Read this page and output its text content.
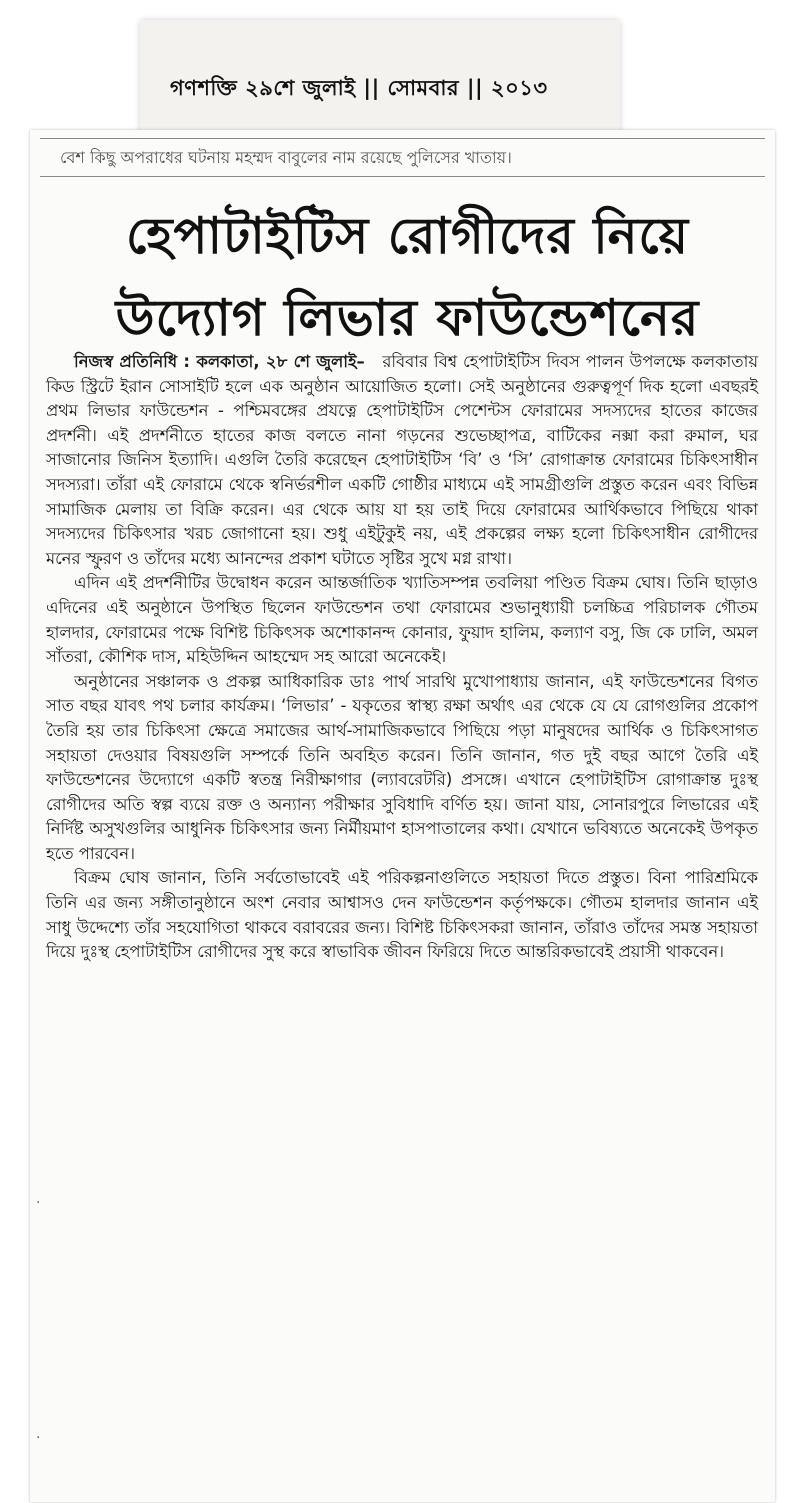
গণশক্তি ২৯শে জুলাই || সোমবার || ২০১৩
বেশ কিছু অপরাধের ঘটনায় মহম্মদ বাবুলের নাম রয়েছে পুলিসের খাতায়।
হেপাটাইটিস রোগীদের নিয়ে উদ্যোগ লিভার ফাউন্ডেশনের

নিজস্ব প্রতিনিধি : কলকাতা, ২৮ শে জুলাই– রবিবার বিশ্ব হেপাটাইটিস দিবস পালন উপলক্ষে কলকাতায় কিড স্ট্রিটে ইরান সোসাইটি হলে এক অনুষ্ঠান আয়োজিত হলো। সেই অনুষ্ঠানের গুরুত্বপূর্ণ দিক হলো এবছরই প্রথম লিভার ফাউন্ডেশন - পশ্চিমবঙ্গের প্রযত্নে হেপাটাইটিস পেশেন্টস ফোরামের সদস্যদের হাতের কাজের প্রদর্শনী। এই প্রদর্শনীতে হাতের কাজ বলতে নানা গড়নের শুভেচ্ছাপত্র, বাটিকের নক্সা করা রুমাল, ঘর সাজানোর জিনিস ইত্যাদি। এগুলি তৈরি করেছেন হেপাটাইটিস ‘বি’ ও ‘সি’ রোগাক্রান্ত ফোরামের চিকিৎসাধীন সদস্যরা। তাঁরা এই ফোরামে থেকে স্বনির্ভরশীল একটি গোষ্ঠীর মাধ্যমে এই সামগ্রীগুলি প্রস্তুত করেন এবং বিভিন্ন সামাজিক মেলায় তা বিক্রি করেন। এর থেকে আয় যা হয় তাই দিয়ে ফোরামের আর্থিকভাবে পিছিয়ে থাকা সদস্যদের চিকিৎসার খরচ জোগানো হয়। শুধু এইটুকুই নয়, এই প্রকল্পের লক্ষ্য হলো চিকিৎসাধীন রোগীদের মনের স্ফুরণ ও তাঁদের মধ্যে আনন্দের প্রকাশ ঘটাতে সৃষ্টির সুখে মগ্ন রাখা।

এদিন এই প্রদর্শনীটির উদ্বোধন করেন আন্তর্জাতিক খ্যাতিসম্পন্ন তবলিয়া পণ্ডিত বিক্রম ঘোষ। তিনি ছাড়াও এদিনের এই অনুষ্ঠানে উপস্থিত ছিলেন ফাউন্ডেশন তথা ফোরামের শুভানুধ্যায়ী চলচ্চিত্র পরিচালক গৌতম হালদার, ফোরামের পক্ষে বিশিষ্ট চিকিৎসক অশোকানন্দ কোনার, ফুয়াদ হালিম, কল্যাণ বসু, জি কে ঢালি, অমল সাঁতরা, কৌশিক দাস, মহিউদ্দিন আহম্মেদ সহ আরো অনেকেই।

অনুষ্ঠানের সঞ্চালক ও প্রকল্প আধিকারিক ডাঃ পার্থ সারথি মুখোপাধ্যায় জানান, এই ফাউন্ডেশনের বিগত সাত বছর যাবৎ পথ চলার কার্যক্রম। ‘লিভার’ - যকৃতের স্বাস্থ্য রক্ষা অর্থাৎ এর থেকে যে যে রোগগুলির প্রকোপ তৈরি হয় তার চিকিৎসা ক্ষেত্রে সমাজের আর্থ-সামাজিকভাবে পিছিয়ে পড়া মানুষদের আর্থিক ও চিকিৎসাগত সহায়তা দেওয়ার বিষয়গুলি সম্পর্কে তিনি অবহিত করেন। তিনি জানান, গত দুই বছর আগে তৈরি এই ফাউন্ডেশনের উদ্যোগে একটি স্বতন্ত্র নিরীক্ষাগার (ল্যাবরেটরি) প্রসঙ্গে। এখানে হেপাটাইটিস রোগাক্রান্ত দুঃস্থ রোগীদের অতি স্বল্প ব্যয়ে রক্ত ও অন্যান্য পরীক্ষার সুবিধাদি বর্ণিত হয়। জানা যায়, সোনারপুরে লিভারের এই নির্দিষ্ট অসুখগুলির আধুনিক চিকিৎসার জন্য নির্মীয়মাণ হাসপাতালের কথা। যেখানে ভবিষ্যতে অনেকেই উপকৃত হতে পারবেন।

বিক্রম ঘোষ জানান, তিনি সর্বতোভাবেই এই পরিকল্পনাগুলিতে সহায়তা দিতে প্রস্তুত। বিনা পারিশ্রমিকে তিনি এর জন্য সঙ্গীতানুষ্ঠানে অংশ নেবার আশ্বাসও দেন ফাউন্ডেশন কর্তৃপক্ষকে। গৌতম হালদার জানান এই সাধু উদ্দেশ্যে তাঁর সহযোগিতা থাকবে বরাবরের জন্য। বিশিষ্ট চিকিৎসকরা জানান, তাঁরাও তাঁদের সমস্ত সহায়তা দিয়ে দুঃস্থ হেপাটাইটিস রোগীদের সুস্থ করে স্বাভাবিক জীবন ফিরিয়ে দিতে আন্তরিকভাবেই প্রয়াসী থাকবেন।

·
·
